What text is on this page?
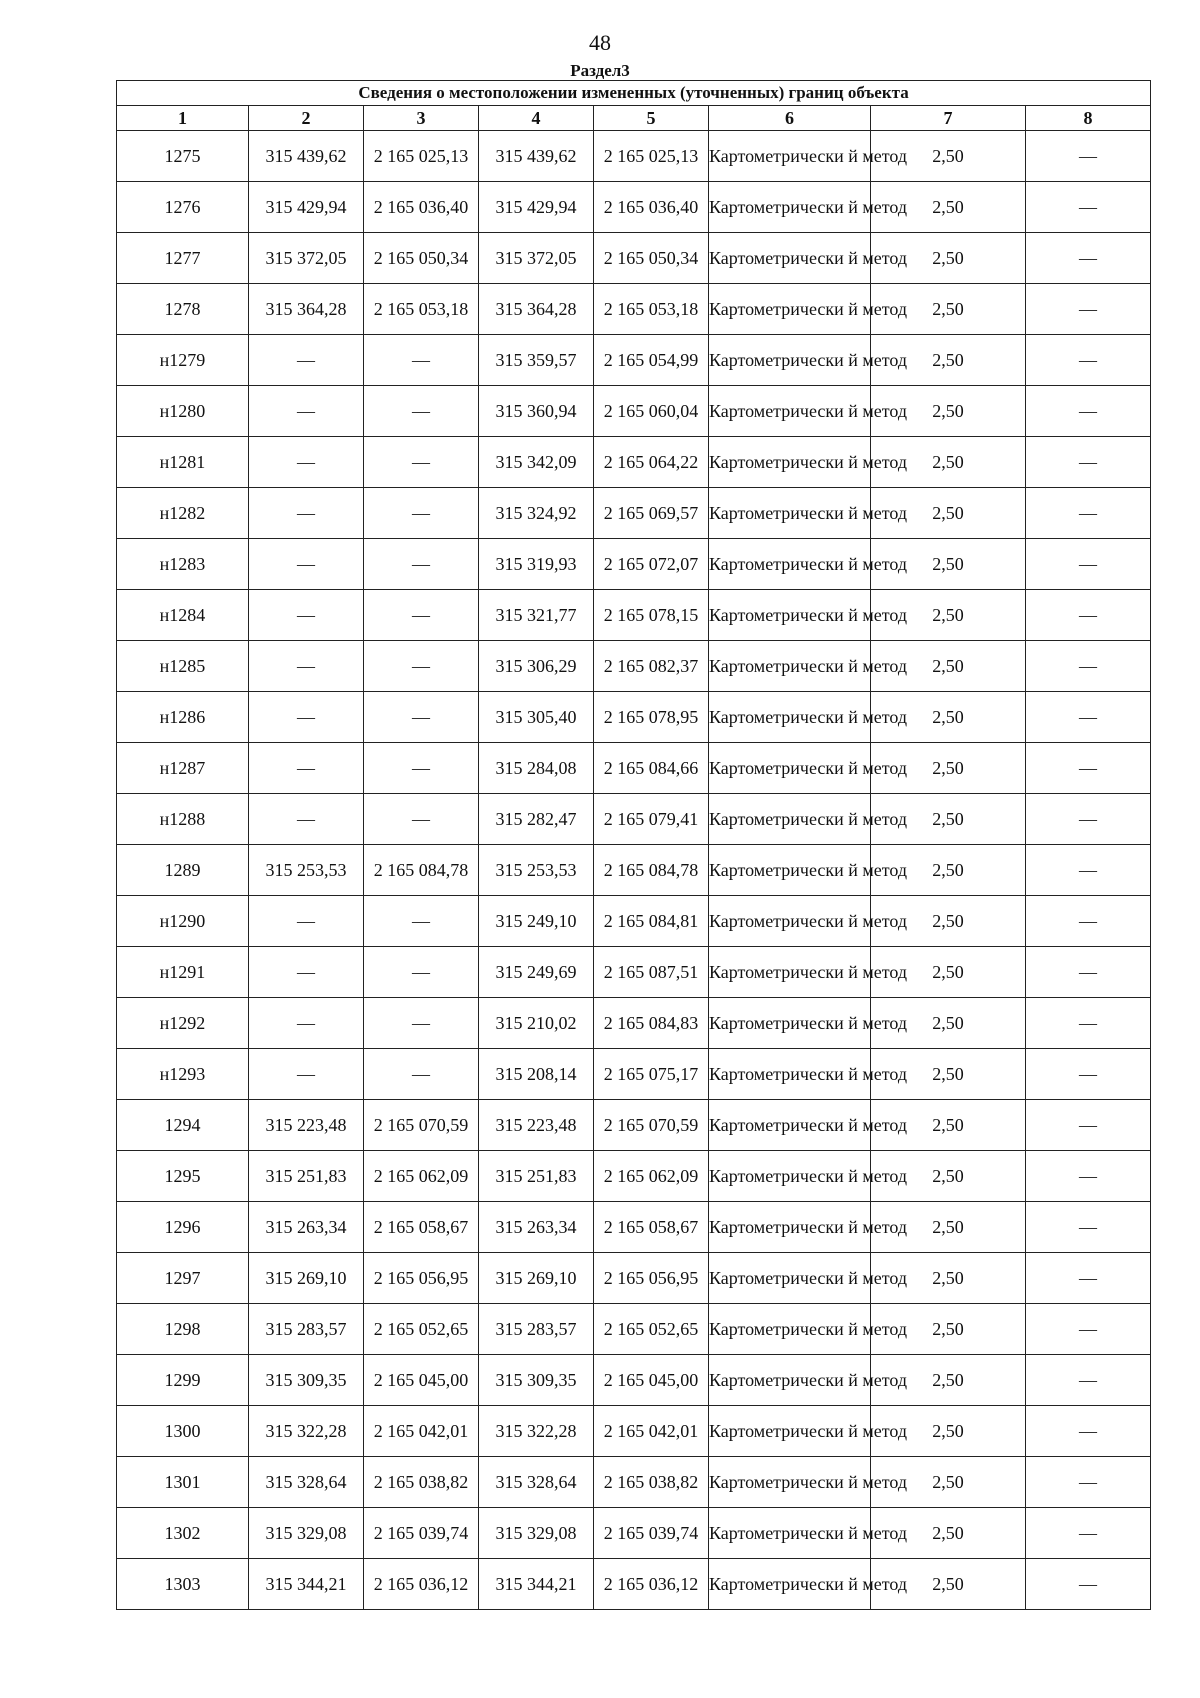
48
Раздел3
Сведения о местоположении измененных (уточненных) границ объекта							
1	2	3	4	5	6	7	8
1275	315 439,62	2 165 025,13	315 439,62	2 165 025,13	Картометрически й метод	2,50	—
1276	315 429,94	2 165 036,40	315 429,94	2 165 036,40	Картометрически й метод	2,50	—
1277	315 372,05	2 165 050,34	315 372,05	2 165 050,34	Картометрически й метод	2,50	—
1278	315 364,28	2 165 053,18	315 364,28	2 165 053,18	Картометрически й метод	2,50	—
н1279	—	—	315 359,57	2 165 054,99	Картометрически й метод	2,50	—
н1280	—	—	315 360,94	2 165 060,04	Картометрически й метод	2,50	—
н1281	—	—	315 342,09	2 165 064,22	Картометрически й метод	2,50	—
н1282	—	—	315 324,92	2 165 069,57	Картометрически й метод	2,50	—
н1283	—	—	315 319,93	2 165 072,07	Картометрически й метод	2,50	—
н1284	—	—	315 321,77	2 165 078,15	Картометрически й метод	2,50	—
н1285	—	—	315 306,29	2 165 082,37	Картометрически й метод	2,50	—
н1286	—	—	315 305,40	2 165 078,95	Картометрически й метод	2,50	—
н1287	—	—	315 284,08	2 165 084,66	Картометрически й метод	2,50	—
н1288	—	—	315 282,47	2 165 079,41	Картометрически й метод	2,50	—
1289	315 253,53	2 165 084,78	315 253,53	2 165 084,78	Картометрически й метод	2,50	—
н1290	—	—	315 249,10	2 165 084,81	Картометрически й метод	2,50	—
н1291	—	—	315 249,69	2 165 087,51	Картометрически й метод	2,50	—
н1292	—	—	315 210,02	2 165 084,83	Картометрически й метод	2,50	—
н1293	—	—	315 208,14	2 165 075,17	Картометрически й метод	2,50	—
1294	315 223,48	2 165 070,59	315 223,48	2 165 070,59	Картометрически й метод	2,50	—
1295	315 251,83	2 165 062,09	315 251,83	2 165 062,09	Картометрически й метод	2,50	—
1296	315 263,34	2 165 058,67	315 263,34	2 165 058,67	Картометрически й метод	2,50	—
1297	315 269,10	2 165 056,95	315 269,10	2 165 056,95	Картометрически й метод	2,50	—
1298	315 283,57	2 165 052,65	315 283,57	2 165 052,65	Картометрически й метод	2,50	—
1299	315 309,35	2 165 045,00	315 309,35	2 165 045,00	Картометрически й метод	2,50	—
1300	315 322,28	2 165 042,01	315 322,28	2 165 042,01	Картометрически й метод	2,50	—
1301	315 328,64	2 165 038,82	315 328,64	2 165 038,82	Картометрически й метод	2,50	—
1302	315 329,08	2 165 039,74	315 329,08	2 165 039,74	Картометрически й метод	2,50	—
1303	315 344,21	2 165 036,12	315 344,21	2 165 036,12	Картометрически й метод	2,50	—
